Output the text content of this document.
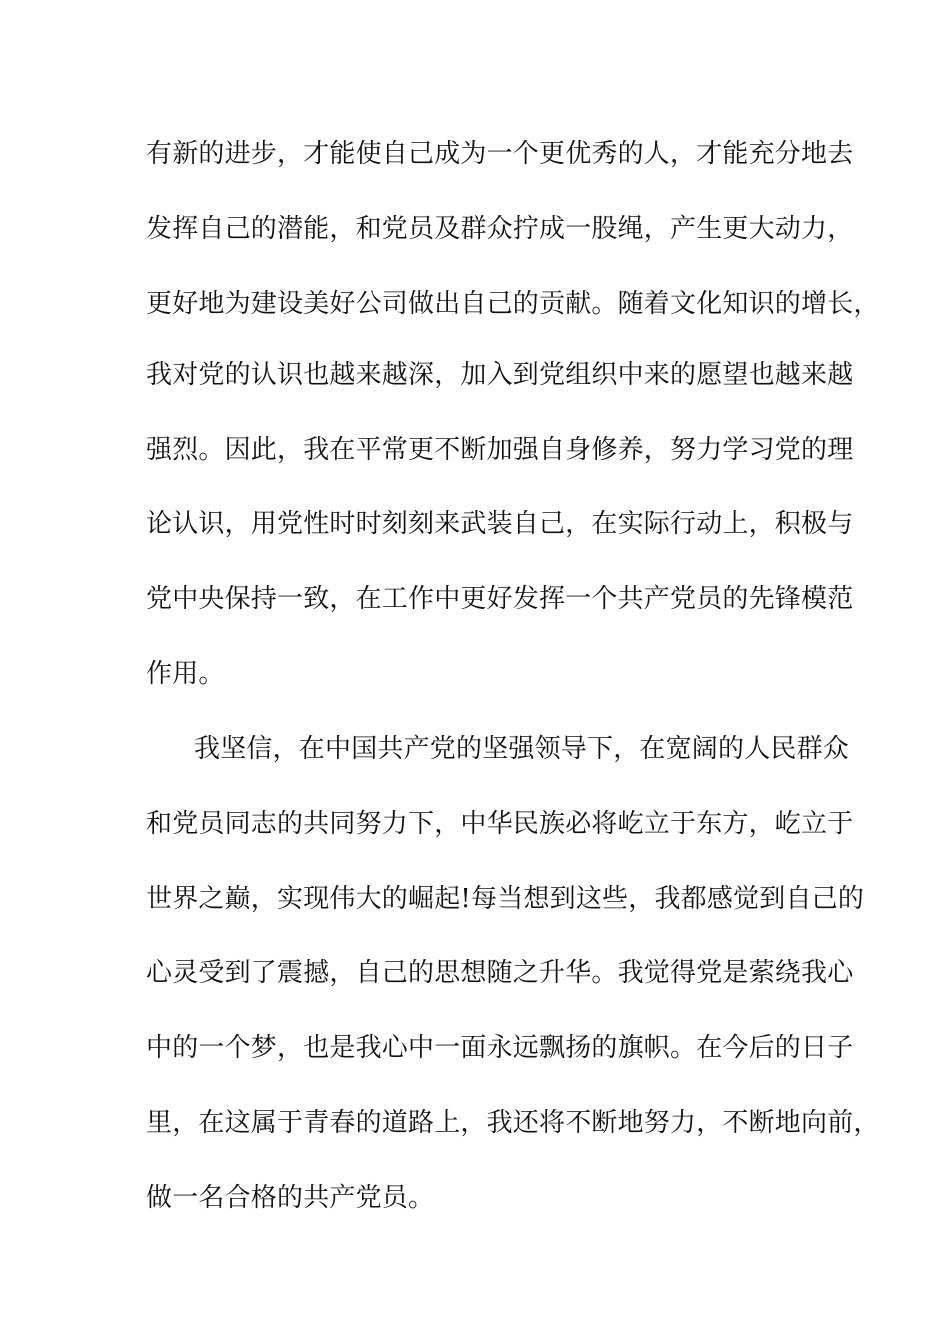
有新的进步，才能使自己成为一个更优秀的人，才能充分地去
发挥自己的潜能，和党员及群众拧成一股绳，产生更大动力，
更好地为建设美好公司做出自己的贡献。随着文化知识的增长，
我对党的认识也越来越深，加入到党组织中来的愿望也越来越
强烈。因此，我在平常更不断加强自身修养，努力学习党的理
论认识，用党性时时刻刻来武装自己，在实际行动上，积极与
党中央保持一致，在工作中更好发挥一个共产党员的先锋模范
作用。
我坚信，在中国共产党的坚强领导下，在宽阔的人民群众
和党员同志的共同努力下，中华民族必将屹立于东方，屹立于
世界之巅，实现伟大的崛起!每当想到这些，我都感觉到自己的
心灵受到了震撼，自己的思想随之升华。我觉得党是萦绕我心
中的一个梦，也是我心中一面永远飘扬的旗帜。在今后的日子
里，在这属于青春的道路上，我还将不断地努力，不断地向前，
做一名合格的共产党员。
